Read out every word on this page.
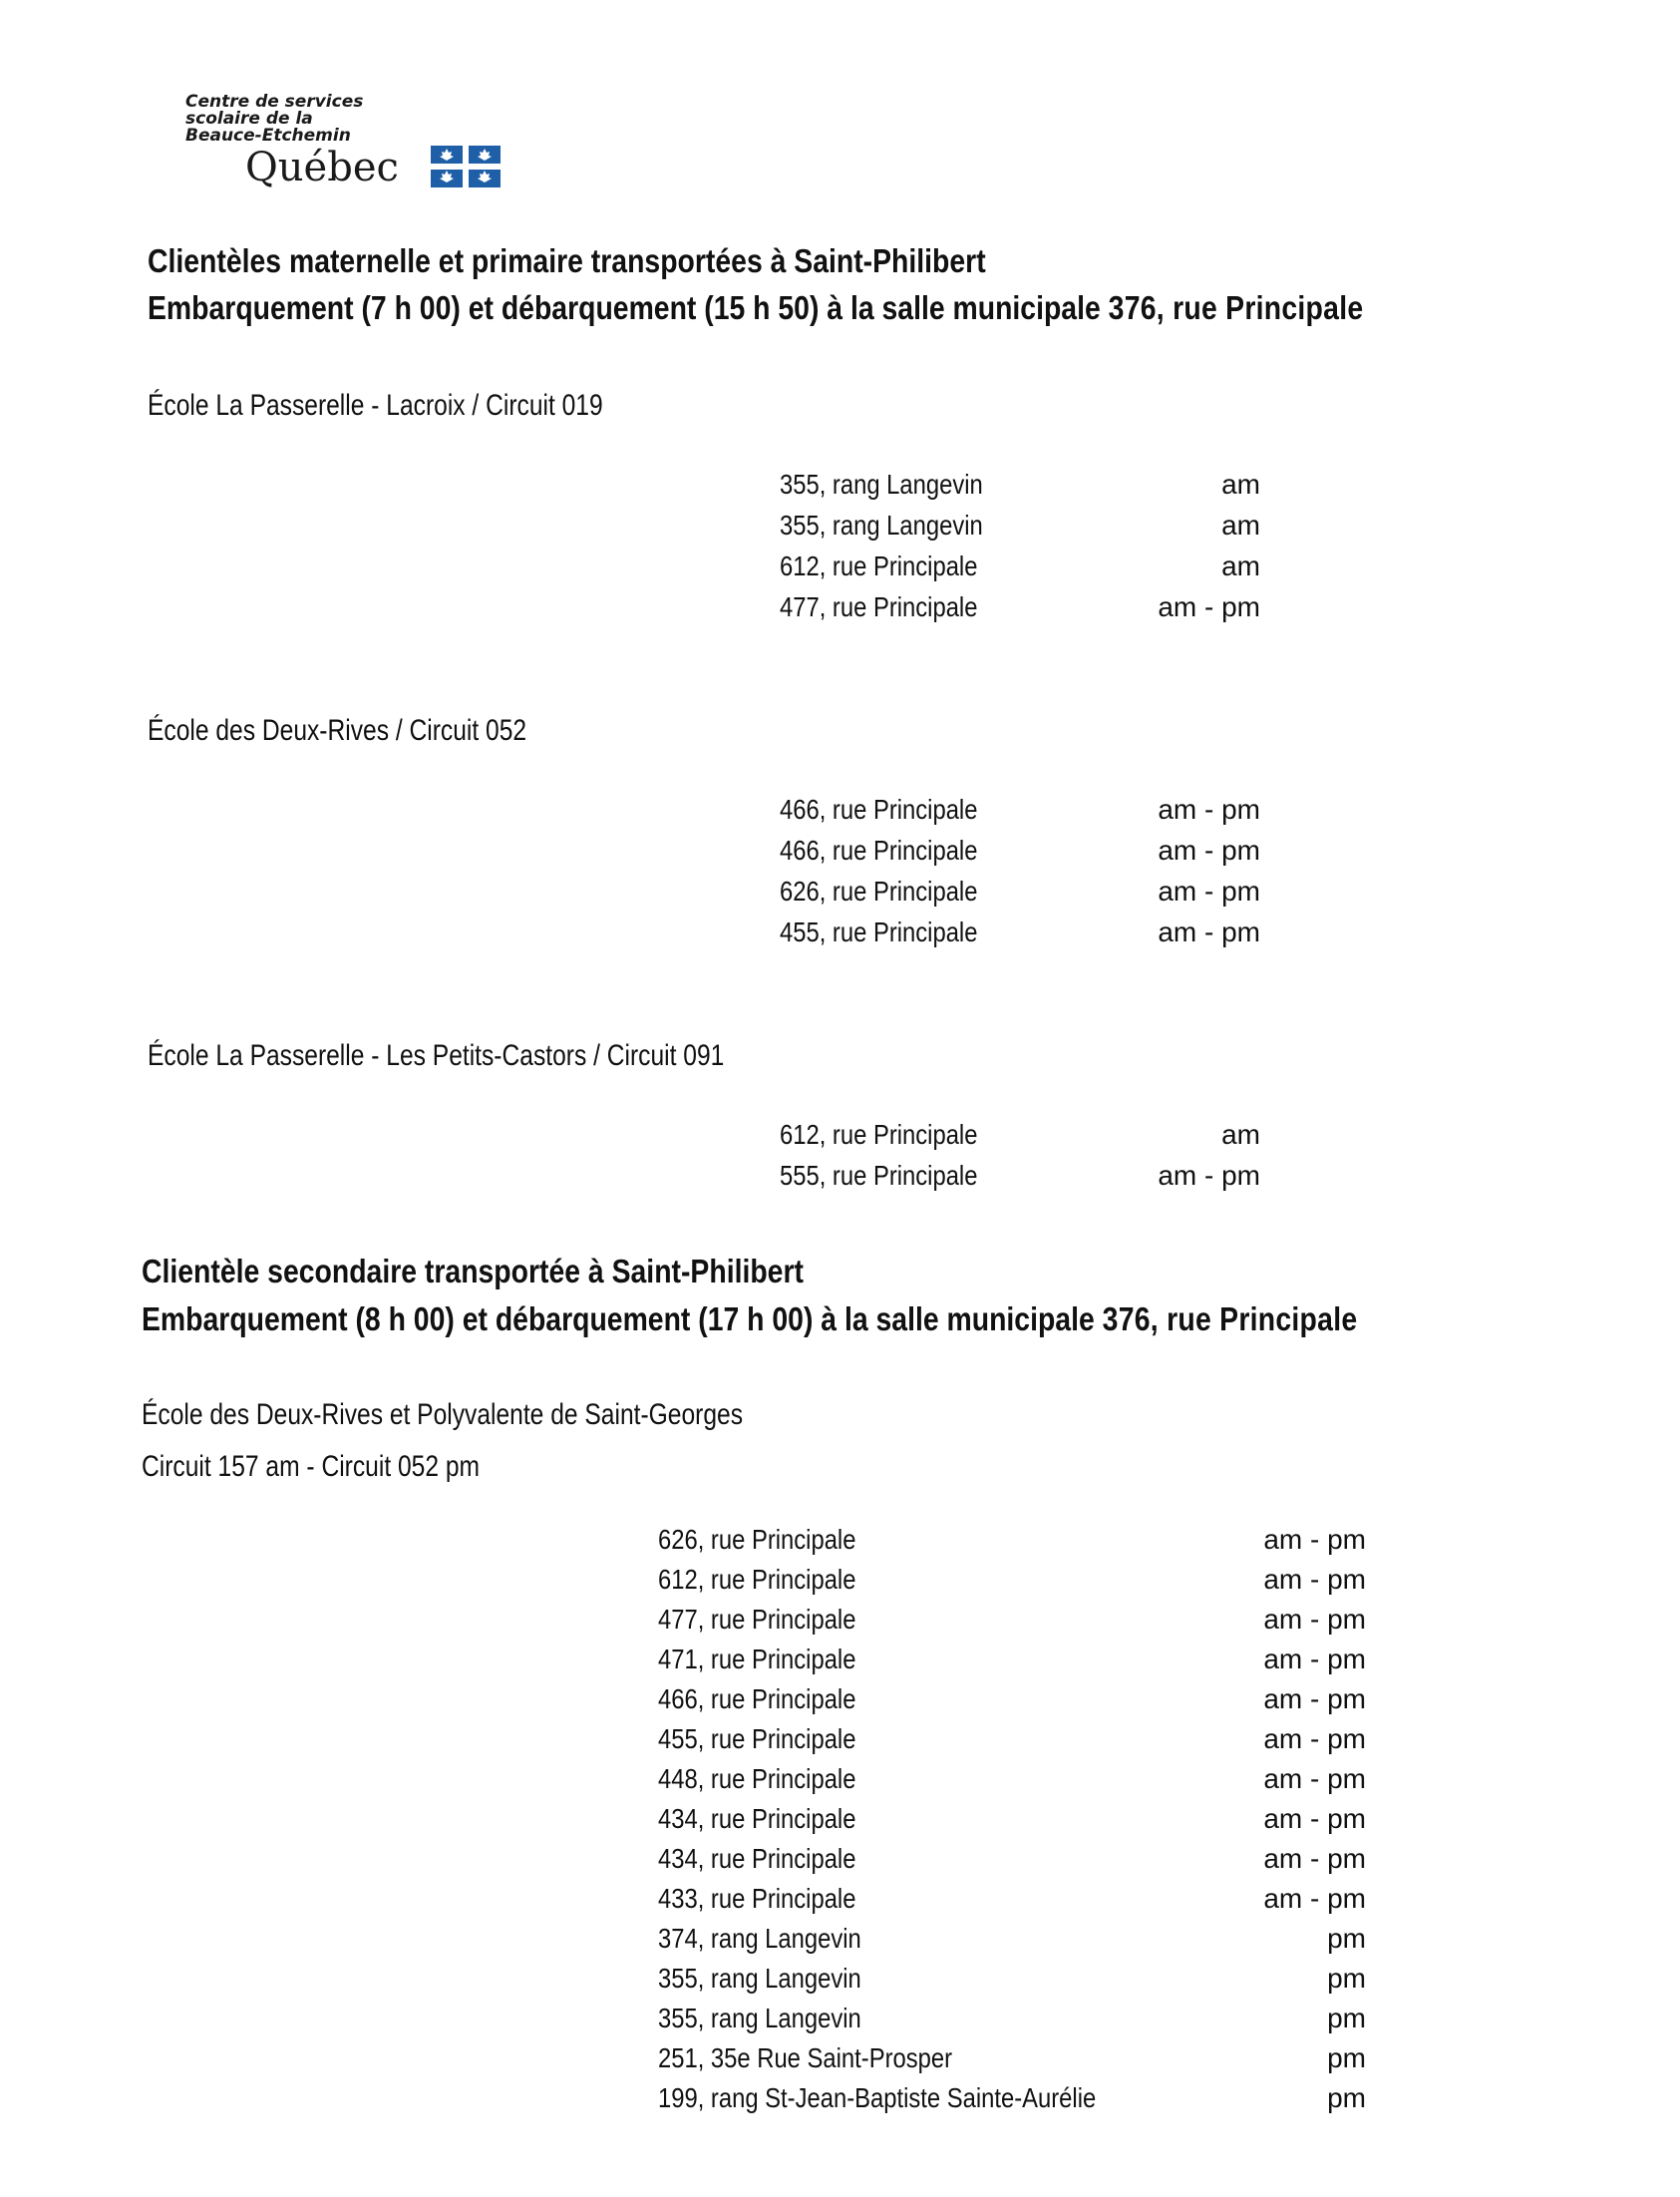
Centre de services
scolaire de la
Beauce-Etchemin
Québec
Clientèles maternelle et primaire transportées à Saint-Philibert
Embarquement (7 h 00) et débarquement (15 h 50) à la salle municipale 376, rue Principale
École La Passerelle - Lacroix / Circuit 019
355, rang Langevin	am
355, rang Langevin	am
612, rue Principale	am
477, rue Principale	am - pm
École des Deux-Rives / Circuit 052
466, rue Principale	am - pm
466, rue Principale	am - pm
626, rue Principale	am - pm
455, rue Principale	am - pm
École La Passerelle - Les Petits-Castors / Circuit 091
612, rue Principale	am
555, rue Principale	am - pm
Clientèle secondaire transportée à Saint-Philibert
Embarquement (8 h 00) et débarquement (17 h 00) à la salle municipale 376, rue Principale
École des Deux-Rives et Polyvalente de Saint-Georges
Circuit 157 am - Circuit 052 pm
626, rue Principale	am - pm
612, rue Principale	am - pm
477, rue Principale	am - pm
471, rue Principale	am - pm
466, rue Principale	am - pm
455, rue Principale	am - pm
448, rue Principale	am - pm
434, rue Principale	am - pm
434, rue Principale	am - pm
433, rue Principale	am - pm
374, rang Langevin	pm
355, rang Langevin	pm
355, rang Langevin	pm
251, 35e Rue Saint-Prosper	pm
199, rang St-Jean-Baptiste Sainte-Aurélie	pm
